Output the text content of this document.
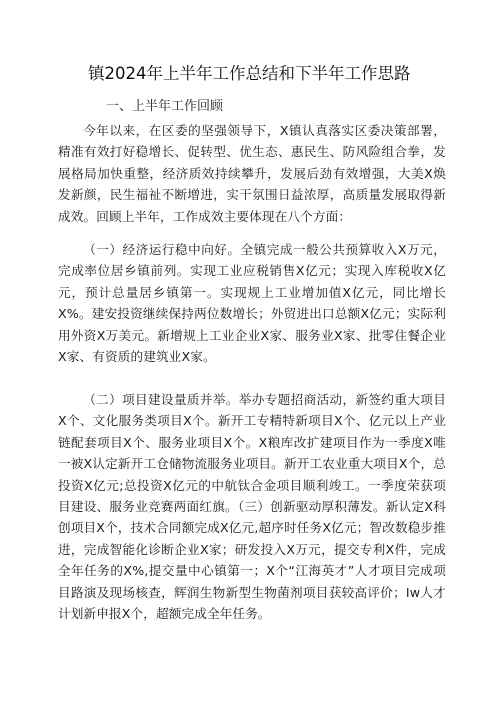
镇2024年上半年工作总结和下半年工作思路
一、上半年工作回顾

今年以来，在区委的坚强领导下，X镇认真落实区委决策部署，精准有效打好稳增长、促转型、优生态、惠民生、防风险组合拳，发展格局加快重整，经济质效持续攀升，发展后劲有效增强，大美X焕发新颜，民生福祉不断增进，实干氛围日益浓厚，高质量发展取得新成效。回顾上半年，工作成效主要体现在八个方面：

（一）经济运行稳中向好。全镇完成一般公共预算收入X万元，完成率位居乡镇前列。实现工业应税销售X亿元；实现入库税收X亿元，预计总量居乡镇第一。实现规上工业增加值X亿元，同比增长X%。建安投资继续保持两位数增长；外贸进出口总额X亿元；实际利用外资X万美元。新增规上工业企业X家、服务业X家、批零住餐企业X家、有资质的建筑业X家。

（二）项目建设量质并举。举办专题招商活动，新签约重大项目X个、文化服务类项目X个。新开工专精特新项目X个、亿元以上产业链配套项目X个、服务业项目X个。X粮库改扩建项目作为一季度X唯一被X认定新开工仓储物流服务业项目。新开工农业重大项目X个，总投资X亿元;总投资X亿元的中航钛合金项目顺利竣工。一季度荣获项目建设、服务业竞赛两面红旗。（三）创新驱动厚积薄发。新认定X科创项目X个，技术合同额完成X亿元,超序时任务X亿元；智改数稳步推进，完成智能化诊断企业X家；研发投入X万元，提交专利X件，完成全年任务的X%,提交量中心镇第一；X个“江海英才”人才项目完成项目路演及现场核查，辉润生物新型生物菌剂项目获较高评价；Iw人才计划新申报X个，超额完成全年任务。
